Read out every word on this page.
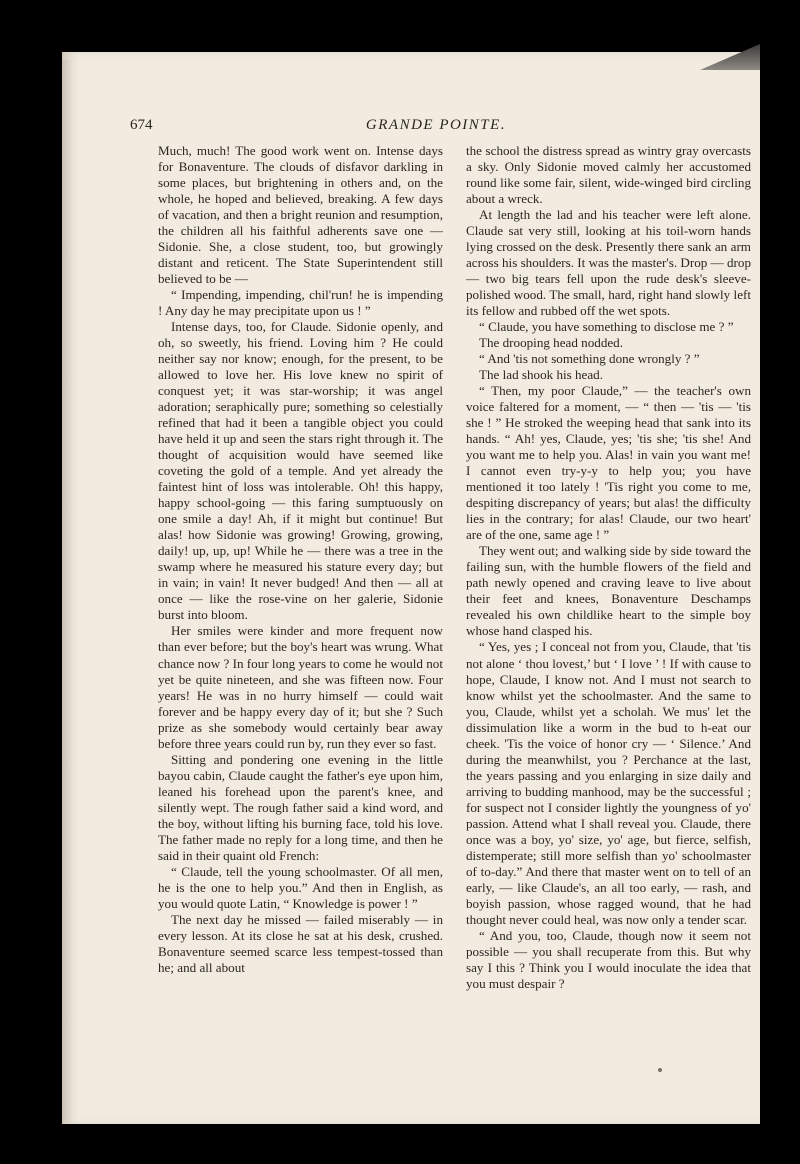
674	GRANDE POINTE.

Much, much! The good work went on. Intense days for Bonaventure. The clouds of disfavor darkling in some places, but brightening in others and, on the whole, he hoped and believed, breaking. A few days of vacation, and then a bright reunion and resumption, the children all his faithful adherents save one — Sidonie. She, a close student, too, but growingly distant and reticent. The State Superintendent still believed to be —

“ Impending, impending, chil'run! he is impending ! Any day he may precipitate upon us ! ”

Intense days, too, for Claude. Sidonie openly, and oh, so sweetly, his friend. Loving him ? He could neither say nor know; enough, for the present, to be allowed to love her. His love knew no spirit of conquest yet; it was star-worship; it was angel adoration; seraphically pure; something so celestially refined that had it been a tangible object you could have held it up and seen the stars right through it. The thought of acquisition would have seemed like coveting the gold of a temple. And yet already the faintest hint of loss was intolerable. Oh! this happy, happy school-going — this faring sumptuously on one smile a day! Ah, if it might but continue! But alas! how Sidonie was growing! Growing, growing, daily! up, up, up! While he — there was a tree in the swamp where he measured his stature every day; but in vain; in vain! It never budged! And then — all at once — like the rose-vine on her galerie, Sidonie burst into bloom.

Her smiles were kinder and more frequent now than ever before; but the boy's heart was wrung. What chance now ? In four long years to come he would not yet be quite nineteen, and she was fifteen now. Four years! He was in no hurry himself — could wait forever and be happy every day of it; but she ? Such prize as she somebody would certainly bear away before three years could run by, run they ever so fast.

Sitting and pondering one evening in the little bayou cabin, Claude caught the father's eye upon him, leaned his forehead upon the parent's knee, and silently wept. The rough father said a kind word, and the boy, without lifting his burning face, told his love. The father made no reply for a long time, and then he said in their quaint old French:

“ Claude, tell the young schoolmaster. Of all men, he is the one to help you.” And then in English, as you would quote Latin, “ Knowledge is power ! ”

The next day he missed — failed miserably — in every lesson. At its close he sat at his desk, crushed. Bonaventure seemed scarce less tempest-tossed than he; and all about

the school the distress spread as wintry gray overcasts a sky. Only Sidonie moved calmly her accustomed round like some fair, silent, wide-winged bird circling about a wreck.

At length the lad and his teacher were left alone. Claude sat very still, looking at his toil-worn hands lying crossed on the desk. Presently there sank an arm across his shoulders. It was the master's. Drop — drop — two big tears fell upon the rude desk's sleeve-polished wood. The small, hard, right hand slowly left its fellow and rubbed off the wet spots.

“ Claude, you have something to disclose me ? ”

The drooping head nodded.

“ And 'tis not something done wrongly ? ”

The lad shook his head.

“ Then, my poor Claude,” — the teacher's own voice faltered for a moment, — “ then — 'tis — 'tis she ! ” He stroked the weeping head that sank into its hands. “ Ah! yes, Claude, yes; 'tis she; 'tis she! And you want me to help you. Alas! in vain you want me! I cannot even try-y-y to help you; you have mentioned it too lately ! 'Tis right you come to me, despiting discrepancy of years; but alas! the difficulty lies in the contrary; for alas! Claude, our two heart' are of the one, same age ! ”

They went out; and walking side by side toward the failing sun, with the humble flowers of the field and path newly opened and craving leave to live about their feet and knees, Bonaventure Deschamps revealed his own childlike heart to the simple boy whose hand clasped his.

“ Yes, yes ; I conceal not from you, Claude, that 'tis not alone ‘ thou lovest,’ but ‘ I love ’ ! If with cause to hope, Claude, I know not. And I must not search to know whilst yet the schoolmaster. And the same to you, Claude, whilst yet a scholah. We mus' let the dissimulation like a worm in the bud to h-eat our cheek. 'Tis the voice of honor cry — ‘ Silence.’ And during the meanwhilst, you ? Perchance at the last, the years passing and you enlarging in size daily and arriving to budding manhood, may be the successful ; for suspect not I consider lightly the youngness of yo' passion. Attend what I shall reveal you. Claude, there once was a boy, yo' size, yo' age, but fierce, selfish, distemperate; still more selfish than yo' schoolmaster of to-day.” And there that master went on to tell of an early, — like Claude's, an all too early, — rash, and boyish passion, whose ragged wound, that he had thought never could heal, was now only a tender scar.

“ And you, too, Claude, though now it seem not possible — you shall recuperate from this. But why say I this ? Think you I would inoculate the idea that you must despair ?
